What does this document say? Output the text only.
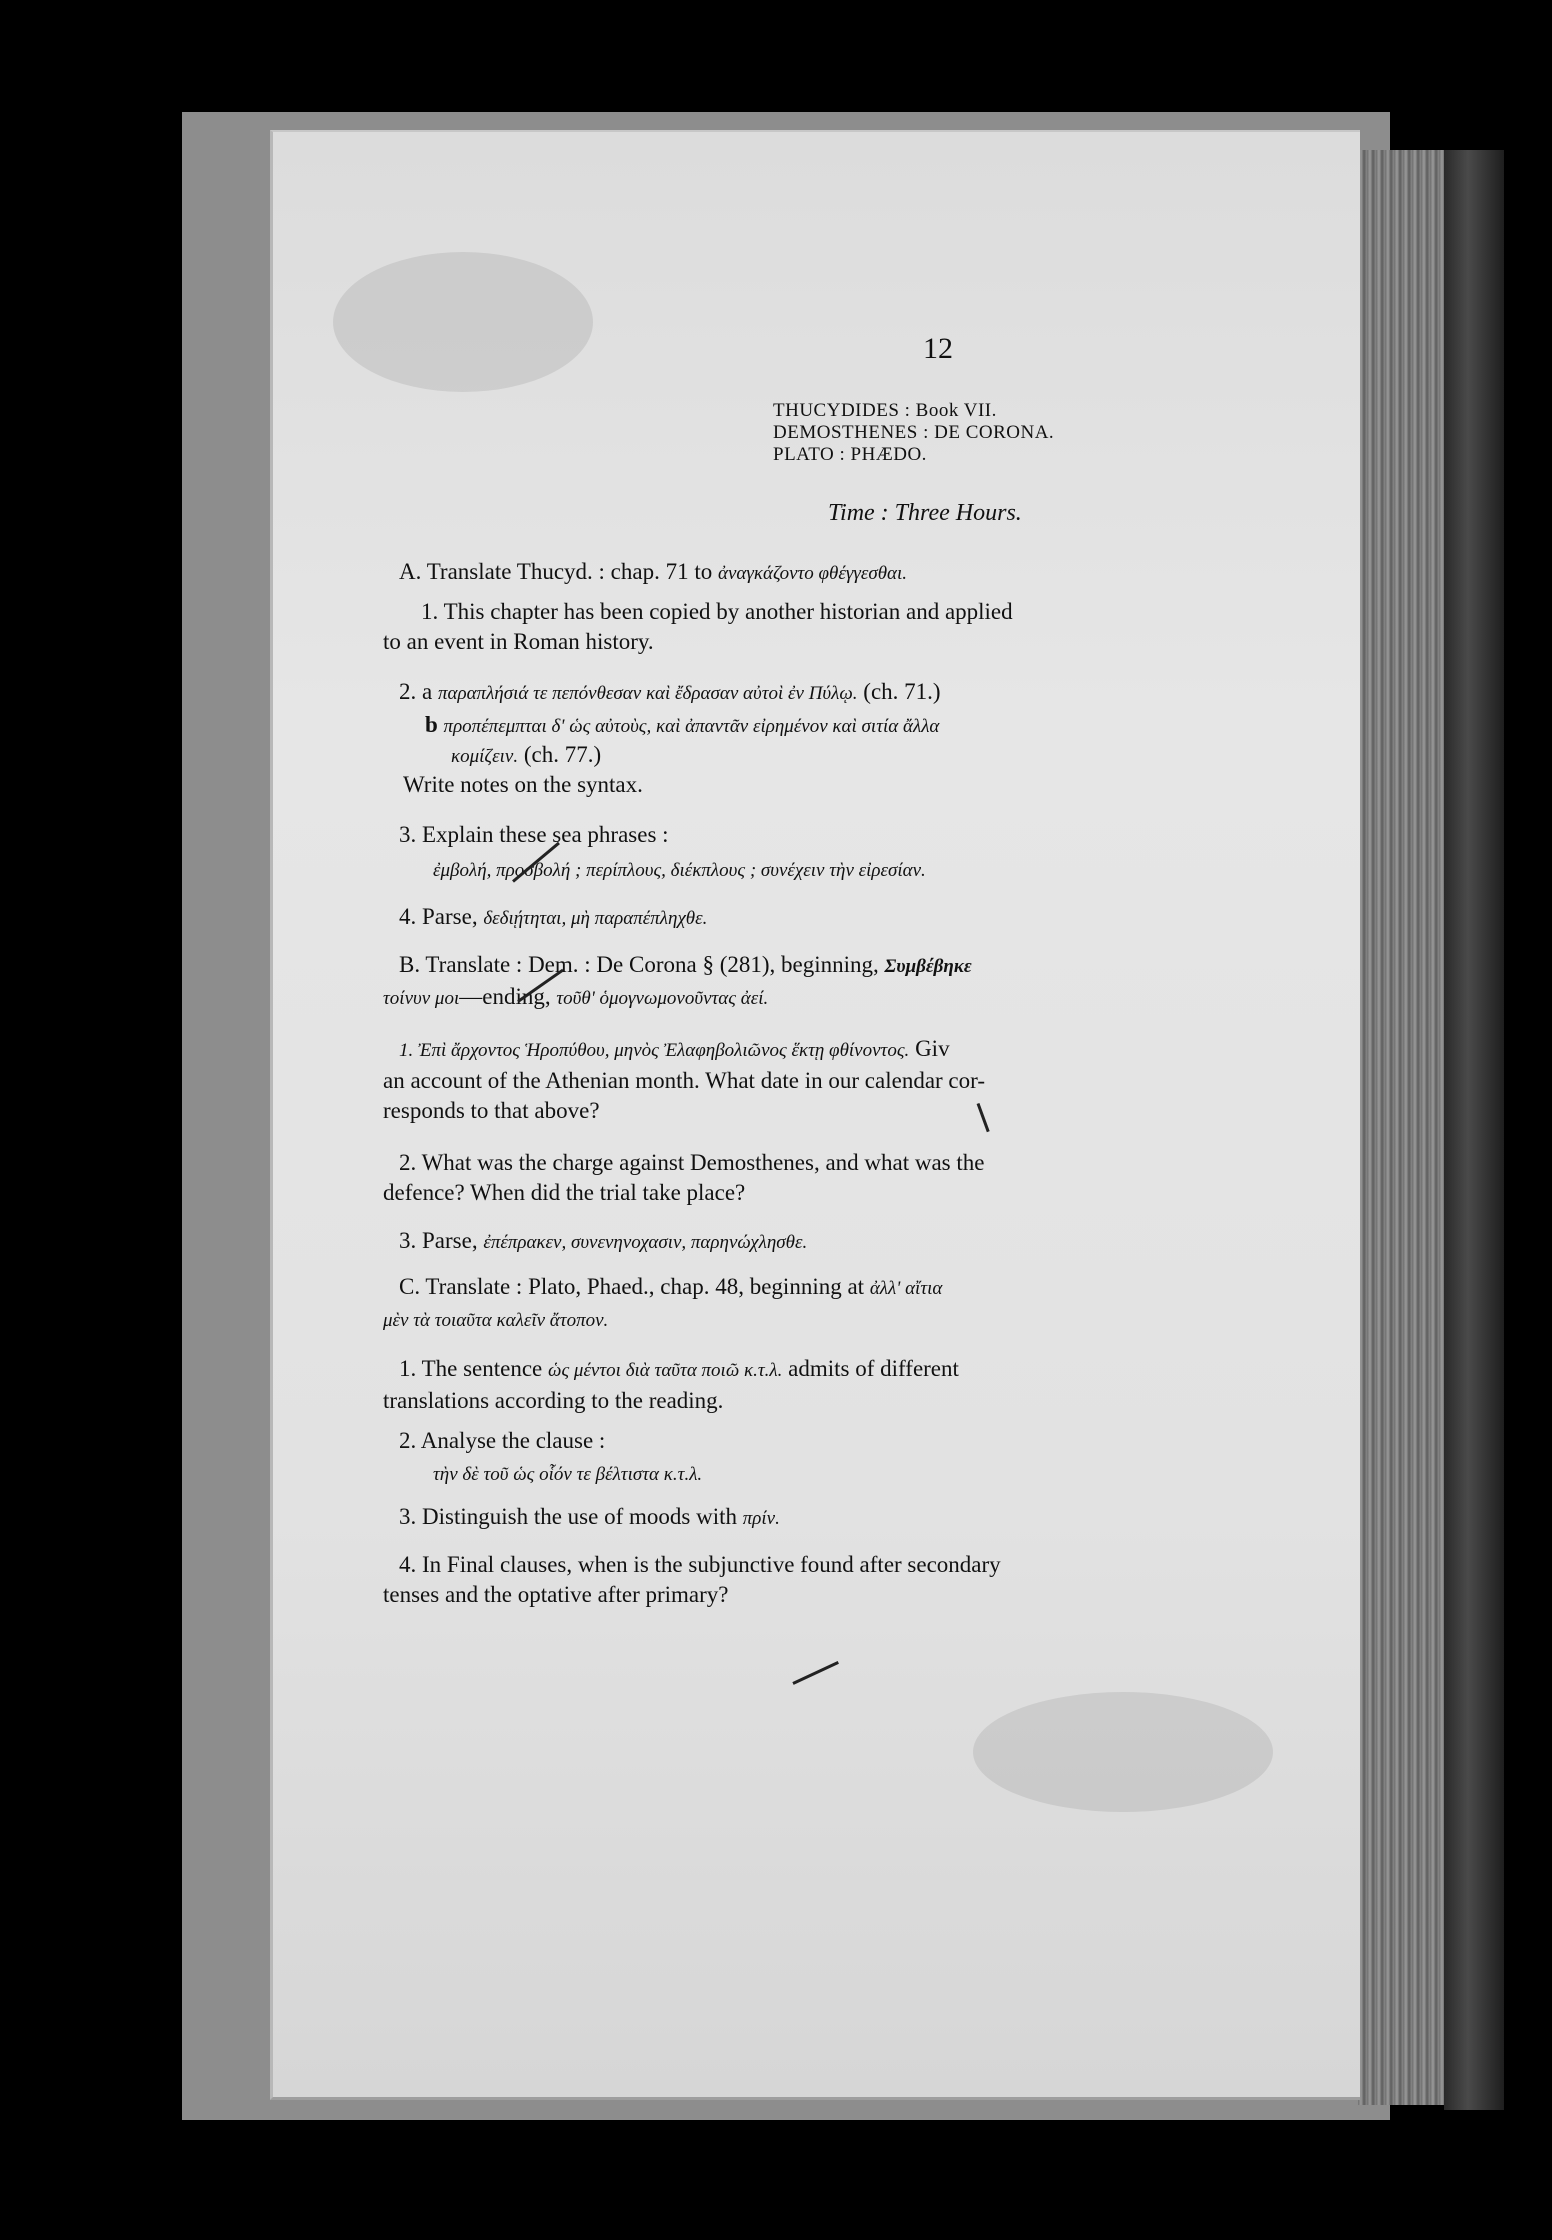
12
THUCYDIDES : Book VII.
DEMOSTHENES : DE CORONA.
PLATO : PHÆDO.
Time : Three Hours.
A. Translate Thucyd. : chap. 71 to ἀναγκάζοντο φθέγγεσθαι.
1. This chapter has been copied by another historian and applied
to an event in Roman history.
2. a παραπλήσιά τε πεπόνθεσαν καὶ ἔδρασαν αὐτοὶ ἐν Πύλῳ. (ch. 71.)
b προπέπεμπται δ' ὡς αὐτοὺς, καὶ ἀπαντᾶν εἰρημένον καὶ σιτία ἄλλα
κομίζειν. (ch. 77.)
Write notes on the syntax.
3. Explain these sea phrases :
ἐμβολή, προσβολή ; περίπλους, διέκπλους ; συνέχειν τὴν εἰρεσίαν.
4. Parse, δεδιῄτηται, μὴ παραπέπληχθε.
B. Translate : Dem. : De Corona § (281), beginning, Συμβέβηκε
τοίνυν μοι—ending, τοῦθ' ὁμογνωμονοῦντας ἀεί.
1. Ἐπὶ ἄρχοντος Ἡροπύθου, μηνὸς Ἐλαφηβολιῶνος ἕκτῃ φθίνοντος. Giv
an account of the Athenian month. What date in our calendar cor-
responds to that above?
2. What was the charge against Demosthenes, and what was the
defence? When did the trial take place?
3. Parse, ἐπέπρακεν, συνενηνοχασιν, παρηνώχλησθε.
C. Translate : Plato, Phaed., chap. 48, beginning at ἀλλ' αἴτια
μὲν τὰ τοιαῦτα καλεῖν ἄτοπον.
1. The sentence ὡς μέντοι διὰ ταῦτα ποιῶ κ.τ.λ. admits of different
translations according to the reading.
2. Analyse the clause :
τὴν δὲ τοῦ ὡς οἷόν τε βέλτιστα κ.τ.λ.
3. Distinguish the use of moods with πρίν.
4. In Final clauses, when is the subjunctive found after secondary
tenses and the optative after primary?
